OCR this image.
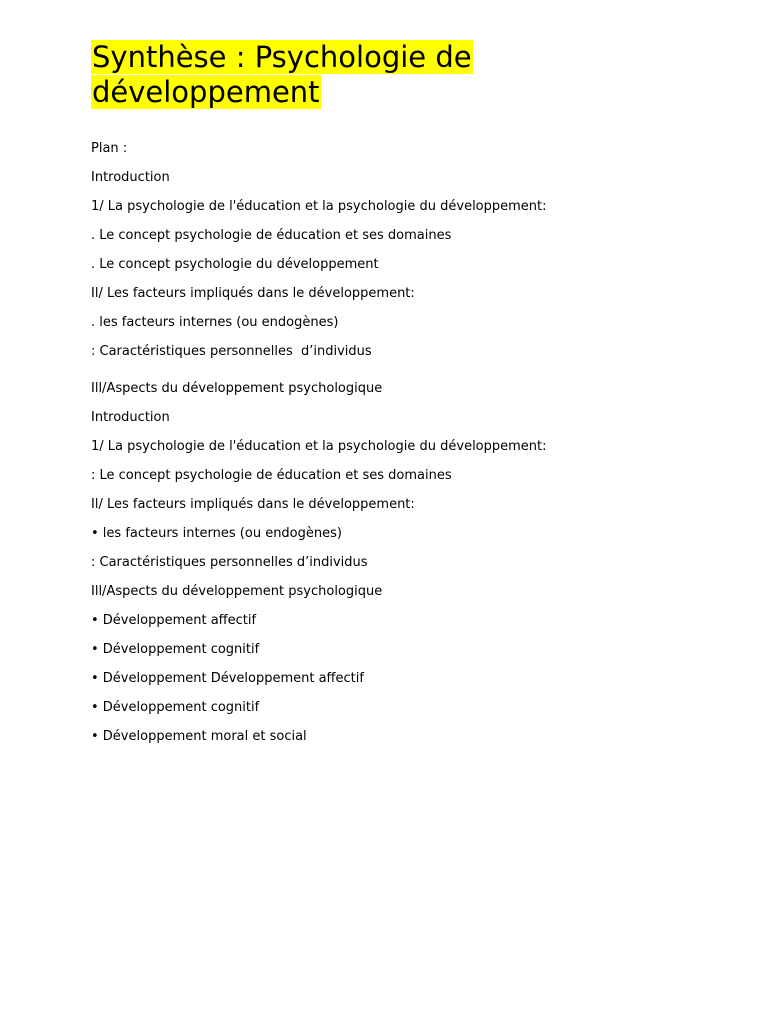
Synthèse : Psychologie de
développement
Plan :
Introduction
1/ La psychologie de l'éducation et la psychologie du développement:
. Le concept psychologie de éducation et ses domaines
. Le concept psychologie du développement
Il/ Les facteurs impliqués dans le développement:
. les facteurs internes (ou endogènes)
: Caractéristiques personnelles  d’individus
Ill/Aspects du développement psychologique
Introduction
1/ La psychologie de l'éducation et la psychologie du développement:
: Le concept psychologie de éducation et ses domaines
Il/ Les facteurs impliqués dans le développement:
• les facteurs internes (ou endogènes)
: Caractéristiques personnelles d’individus
Ill/Aspects du développement psychologique
• Développement affectif
• Développement cognitif
• Développement Développement affectif
• Développement cognitif
• Développement moral et social
